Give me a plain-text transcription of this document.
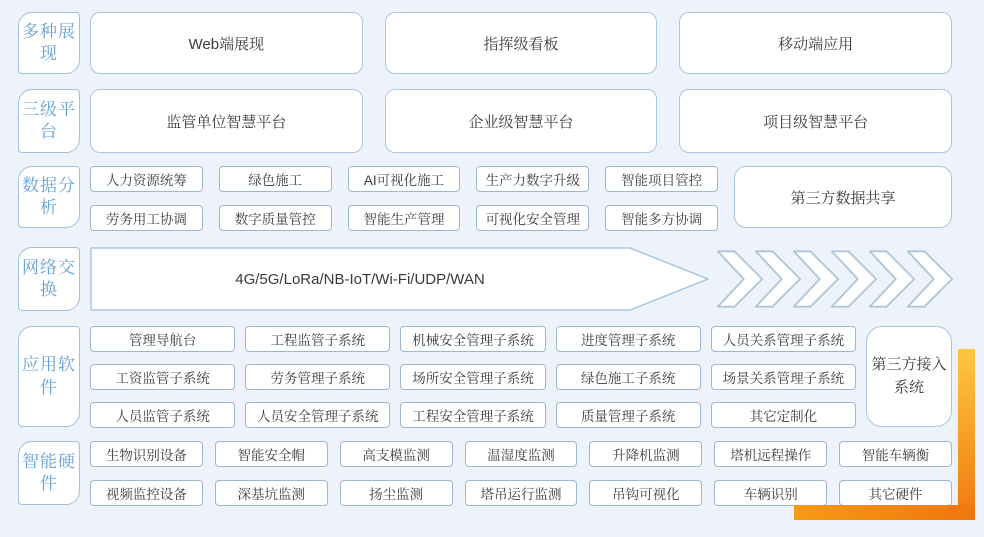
多种展现	Web端展现	指挥级看板	移动端应用
三级平台	监管单位智慧平台	企业级智慧平台	项目级智慧平台
数据分析
人力资源统筹	绿色施工	AI可视化施工	生产力数字升级	智能项目管控
劳务用工协调	数字质量管控	智能生产管理	可视化安全管理	智能多方协调
第三方数据共享
网络交换
4G/5G/LoRa/NB-IoT/Wi-Fi/UDP/WAN
应用软件
管理导航台	工程监管子系统	机械安全管理子系统	进度管理子系统	人员关系管理子系统
工资监管子系统	劳务管理子系统	场所安全管理子系统	绿色施工子系统	场景关系管理子系统
人员监管子系统	人员安全管理子系统	工程安全管理子系统	质量管理子系统	其它定制化
第三方接入系统
智能硬件
生物识别设备	智能安全帽	高支模监测	温湿度监测	升降机监测	塔机远程操作	智能车辆衡
视频监控设备	深基坑监测	扬尘监测	塔吊运行监测	吊钩可视化	车辆识别	其它硬件
